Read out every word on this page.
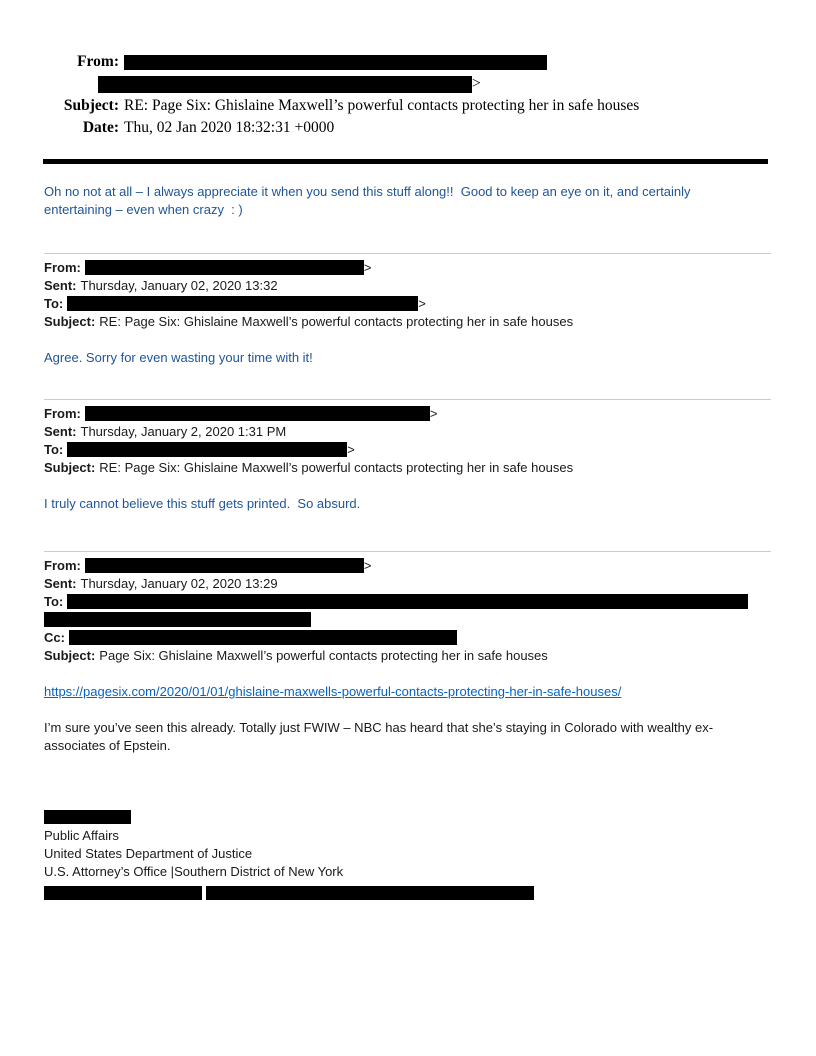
From:
>
Subject: RE: Page Six: Ghislaine Maxwell’s powerful contacts protecting her in safe houses
Date: Thu, 02 Jan 2020 18:32:31 +0000
Oh no not at all – I always appreciate it when you send this stuff along!!  Good to keep an eye on it, and certainly
entertaining – even when crazy  : )
From:	>
Sent: Thursday, January 02, 2020 13:32
To:	>
Subject: RE: Page Six: Ghislaine Maxwell’s powerful contacts protecting her in safe houses
Agree. Sorry for even wasting your time with it!
From:	>
Sent: Thursday, January 2, 2020 1:31 PM
To:	>
Subject: RE: Page Six: Ghislaine Maxwell’s powerful contacts protecting her in safe houses
I truly cannot believe this stuff gets printed.  So absurd.
From:	>
Sent: Thursday, January 02, 2020 13:29
To:
Cc:
Subject: Page Six: Ghislaine Maxwell’s powerful contacts protecting her in safe houses
https://pagesix.com/2020/01/01/ghislaine-maxwells-powerful-contacts-protecting-her-in-safe-houses/
I’m sure you’ve seen this already. Totally just FWIW – NBC has heard that she’s staying in Colorado with wealthy ex-
associates of Epstein.
Public Affairs
United States Department of Justice
U.S. Attorney’s Office |Southern District of New York
